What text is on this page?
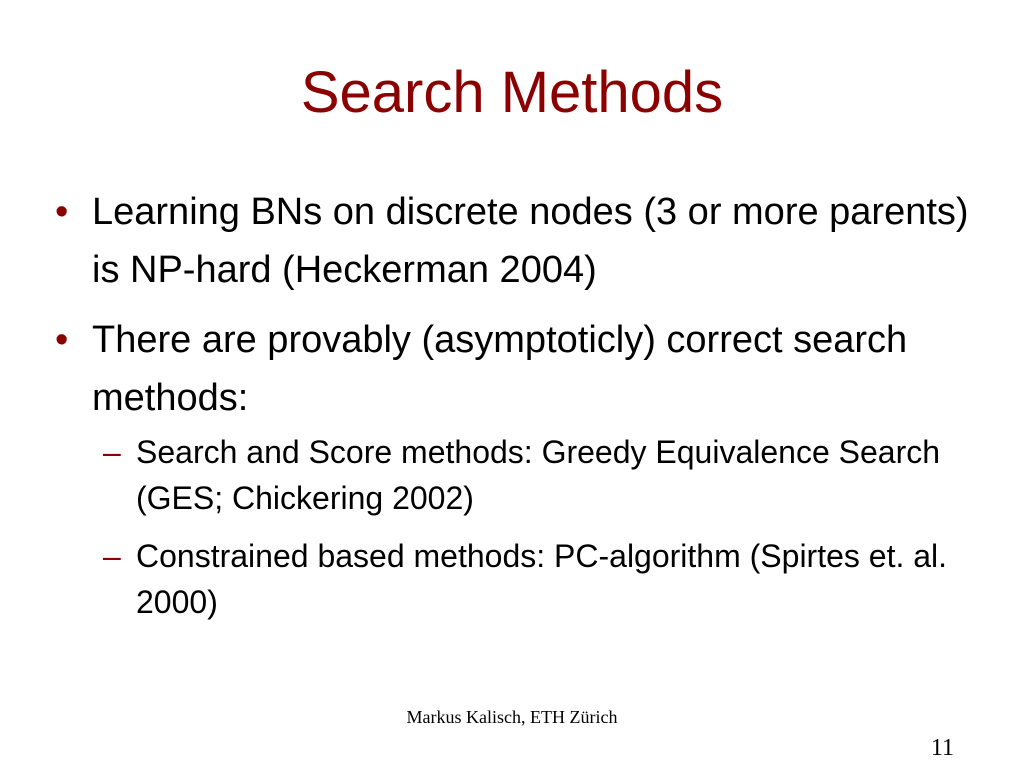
Search Methods
• Learning BNs on discrete nodes (3 or more parents) is NP-hard (Heckerman 2004)
• There are provably (asymptoticly) correct search methods:
– Search and Score methods: Greedy Equivalence Search (GES; Chickering 2002)
– Constrained based methods: PC-algorithm (Spirtes et. al. 2000)
Markus Kalisch, ETH Zürich
11
